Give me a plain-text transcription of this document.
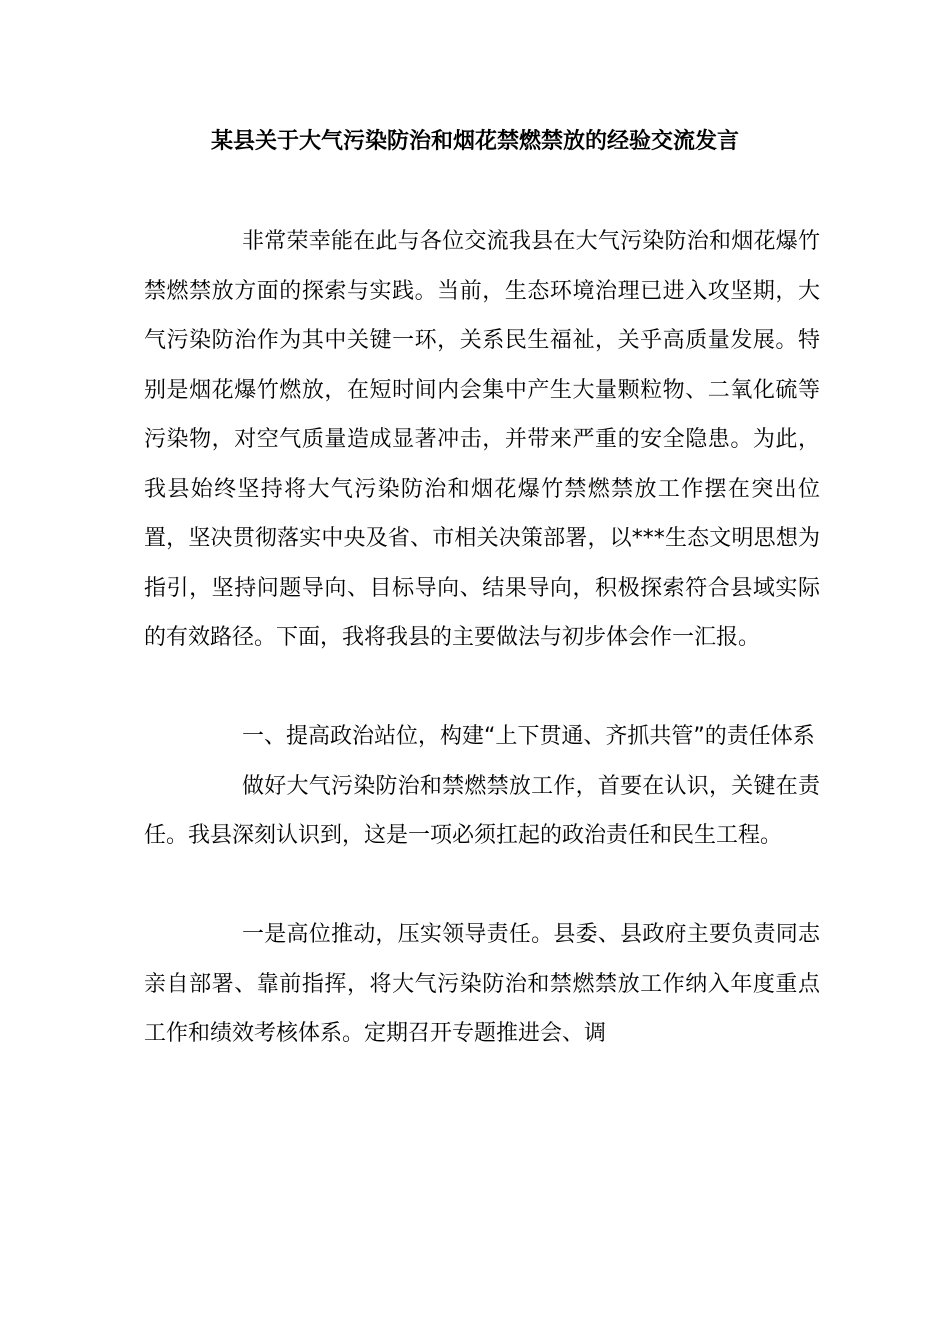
某县关于大气污染防治和烟花禁燃禁放的经验交流发言

非常荣幸能在此与各位交流我县在大气污染防治和烟花爆竹禁燃禁放方面的探索与实践。当前，生态环境治理已进入攻坚期，大气污染防治作为其中关键一环，关系民生福祉，关乎高质量发展。特别是烟花爆竹燃放，在短时间内会集中产生大量颗粒物、二氧化硫等污染物，对空气质量造成显著冲击，并带来严重的安全隐患。为此，我县始终坚持将大气污染防治和烟花爆竹禁燃禁放工作摆在突出位置，坚决贯彻落实中央及省、市相关决策部署，以***生态文明思想为指引，坚持问题导向、目标导向、结果导向，积极探索符合县域实际的有效路径。下面，我将我县的主要做法与初步体会作一汇报。

一、提高政治站位，构建“上下贯通、齐抓共管”的责任体系

做好大气污染防治和禁燃禁放工作，首要在认识，关键在责任。我县深刻认识到，这是一项必须扛起的政治责任和民生工程。

一是高位推动，压实领导责任。县委、县政府主要负责同志亲自部署、靠前指挥，将大气污染防治和禁燃禁放工作纳入年度重点工作和绩效考核体系。定期召开专题推进会、调
